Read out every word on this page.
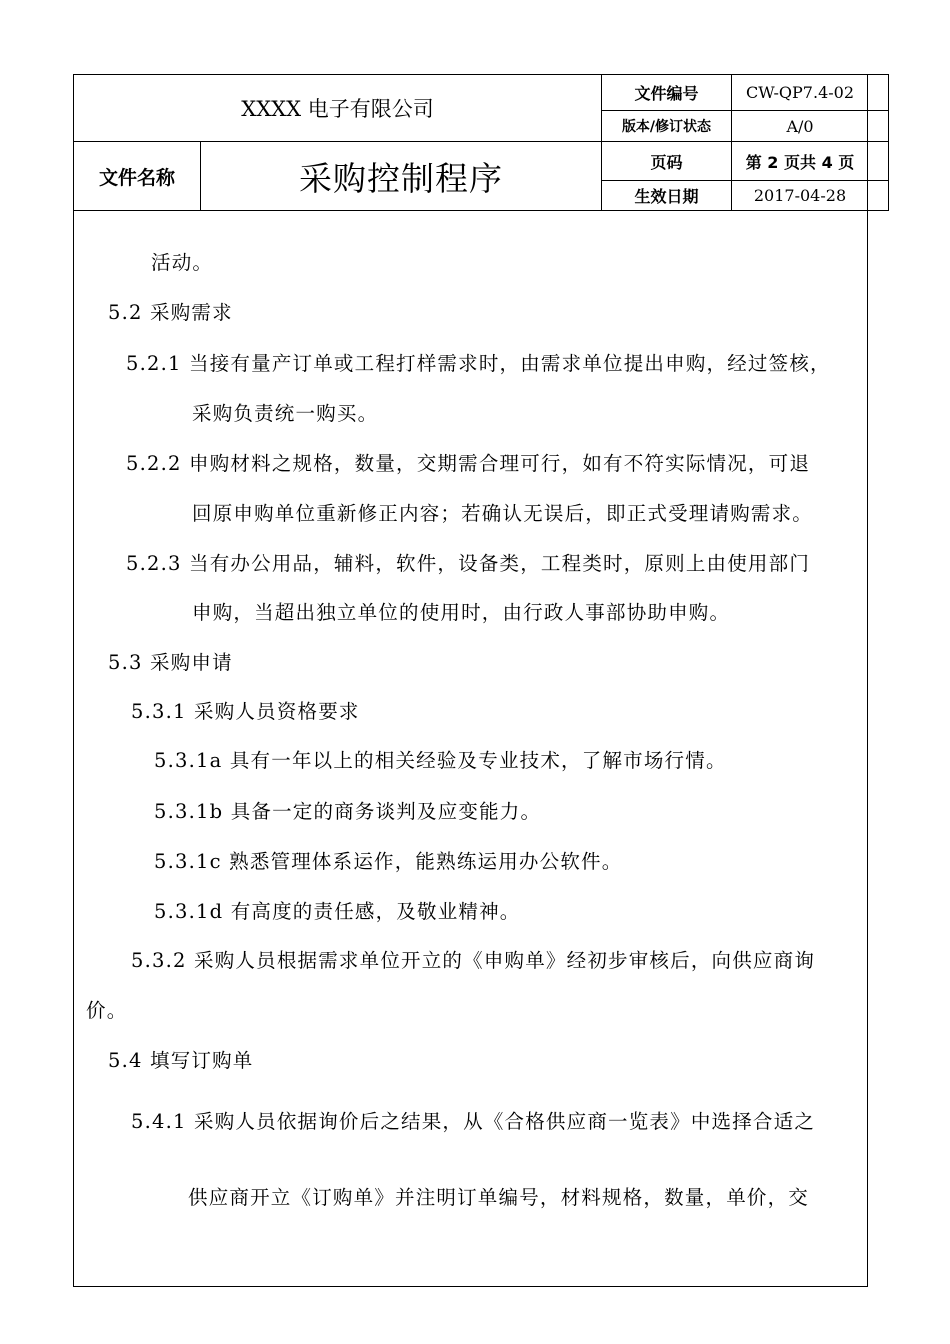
XXXX 电子有限公司
文件名称	采购控制程序
文件编号	CW-QP7.4-02
版本/修订状态	A/0
页码	第 2 页共 4 页
生效日期	2017-04-28
活动。
5.2 采购需求
5.2.1 当接有量产订单或工程打样需求时，由需求单位提出申购，经过签核，
采购负责统一购买。
5.2.2 申购材料之规格，数量，交期需合理可行，如有不符实际情况，可退
回原申购单位重新修正内容；若确认无误后，即正式受理请购需求。
5.2.3 当有办公用品，辅料，软件，设备类，工程类时，原则上由使用部门
申购，当超出独立单位的使用时，由行政人事部协助申购。
5.3 采购申请
5.3.1 采购人员资格要求
5.3.1a 具有一年以上的相关经验及专业技术，了解市场行情。
5.3.1b 具备一定的商务谈判及应变能力。
5.3.1c 熟悉管理体系运作，能熟练运用办公软件。
5.3.1d 有高度的责任感，及敬业精神。
5.3.2 采购人员根据需求单位开立的《申购单》经初步审核后，向供应商询
价。
5.4 填写订购单
5.4.1 采购人员依据询价后之结果，从《合格供应商一览表》中选择合适之
供应商开立《订购单》并注明订单编号，材料规格，数量，单价，交
